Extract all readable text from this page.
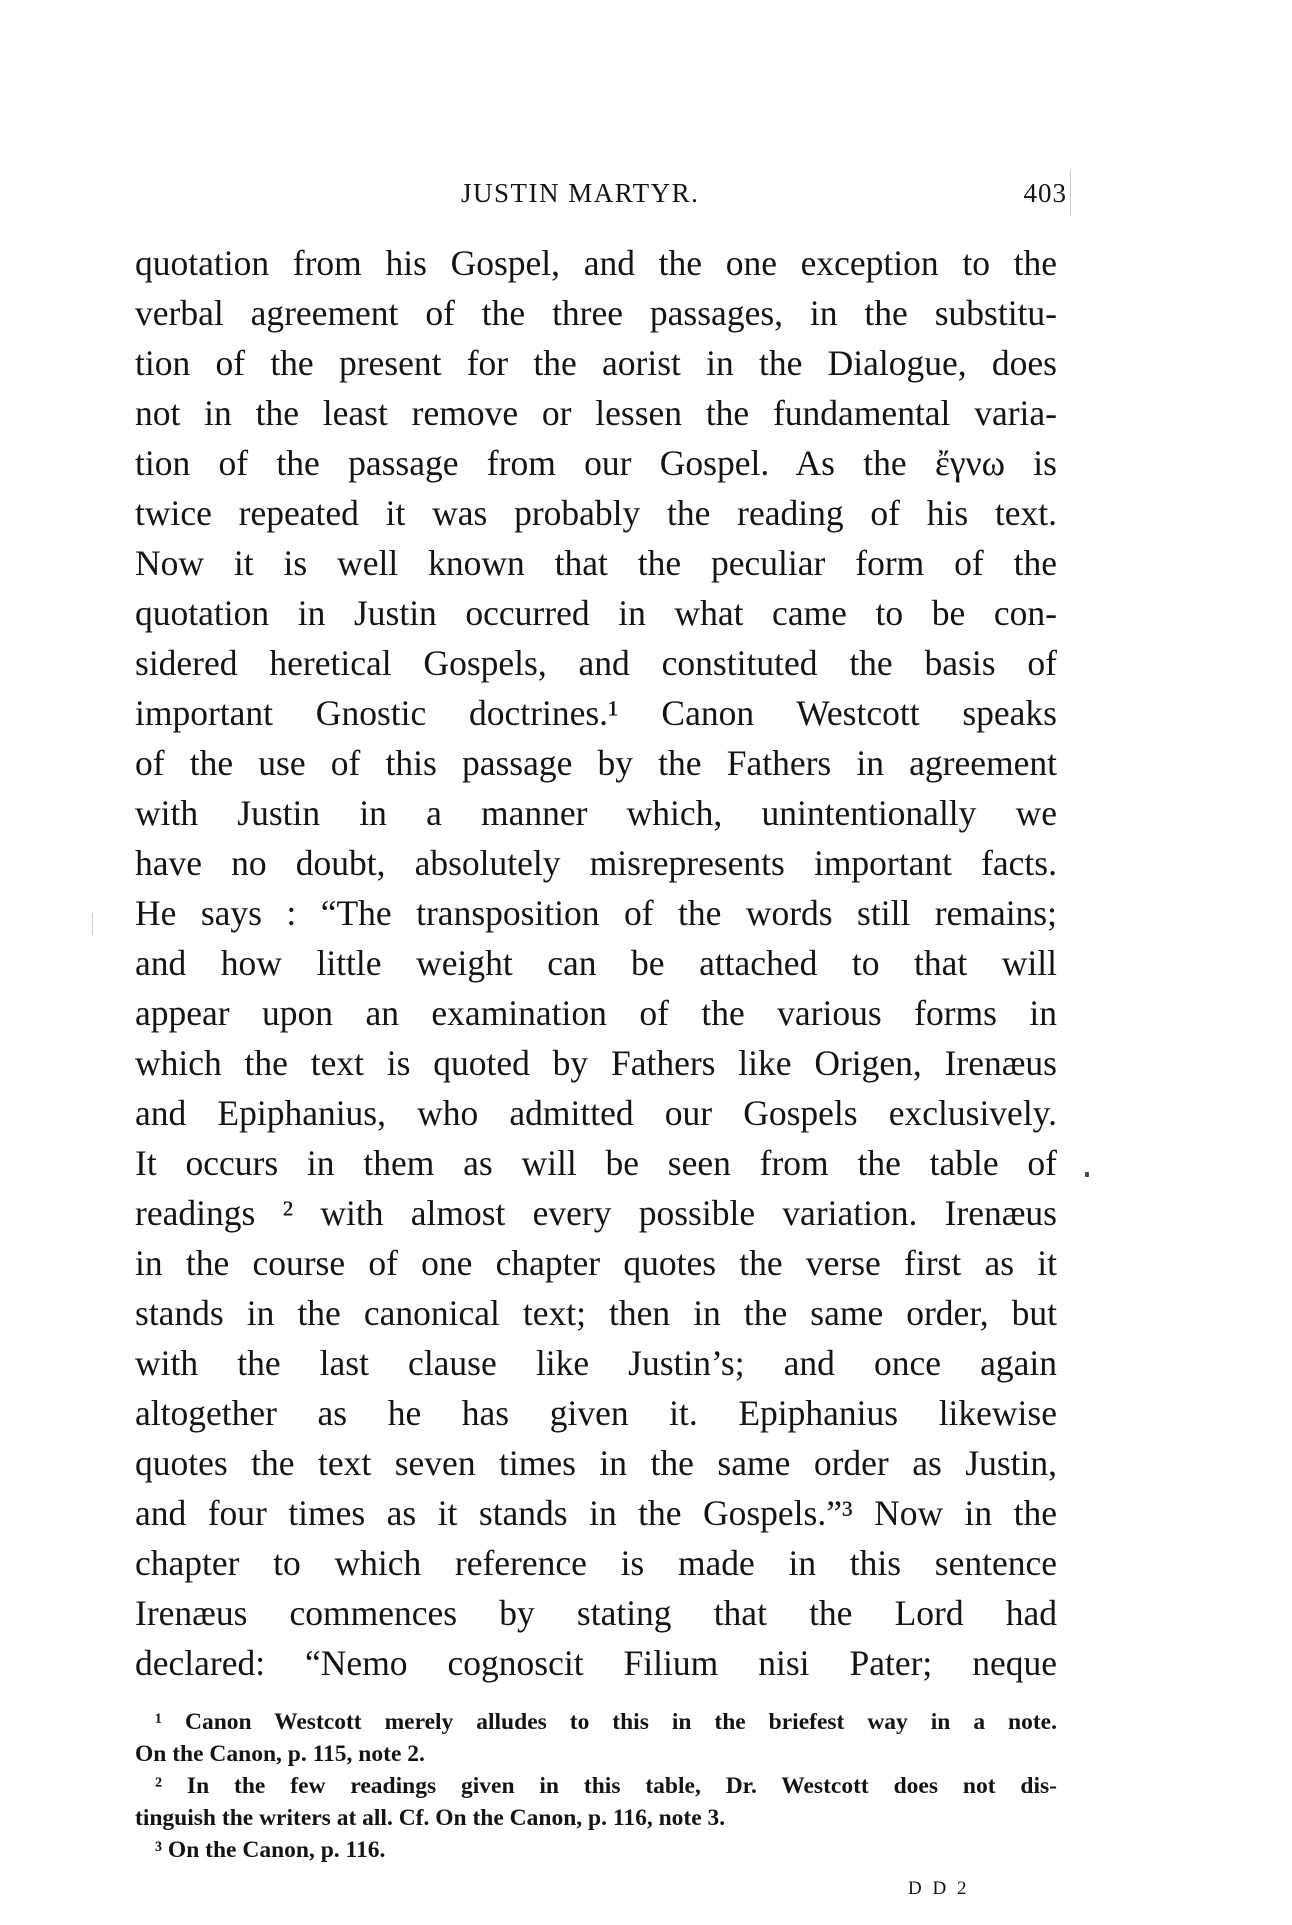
JUSTIN MARTYR.	403
quotation from his Gospel, and the one exception to the
verbal agreement of the three passages, in the substitu-
tion of the present for the aorist in the Dialogue, does
not in the least remove or lessen the fundamental varia-
tion of the passage from our Gospel. As the ἔγνω is
twice repeated it was probably the reading of his text.
Now it is well known that the peculiar form of the
quotation in Justin occurred in what came to be con-
sidered heretical Gospels, and constituted the basis of
important Gnostic doctrines.¹ Canon Westcott speaks
of the use of this passage by the Fathers in agreement
with Justin in a manner which, unintentionally we
have no doubt, absolutely misrepresents important facts.
He says : “The transposition of the words still remains;
and how little weight can be attached to that will
appear upon an examination of the various forms in
which the text is quoted by Fathers like Origen, Irenæus
and Epiphanius, who admitted our Gospels exclusively.
It occurs in them as will be seen from the table of
readings ² with almost every possible variation. Irenæus
in the course of one chapter quotes the verse first as it
stands in the canonical text; then in the same order, but
with the last clause like Justin’s; and once again
altogether as he has given it. Epiphanius likewise
quotes the text seven times in the same order as Justin,
and four times as it stands in the Gospels.”³ Now in the
chapter to which reference is made in this sentence
Irenæus commences by stating that the Lord had
declared: “Nemo cognoscit Filium nisi Pater; neque
¹ Canon Westcott merely alludes to this in the briefest way in a note.
On the Canon, p. 115, note 2.
² In the few readings given in this table, Dr. Westcott does not dis-
tinguish the writers at all. Cf. On the Canon, p. 116, note 3.
³ On the Canon, p. 116.
D D 2
